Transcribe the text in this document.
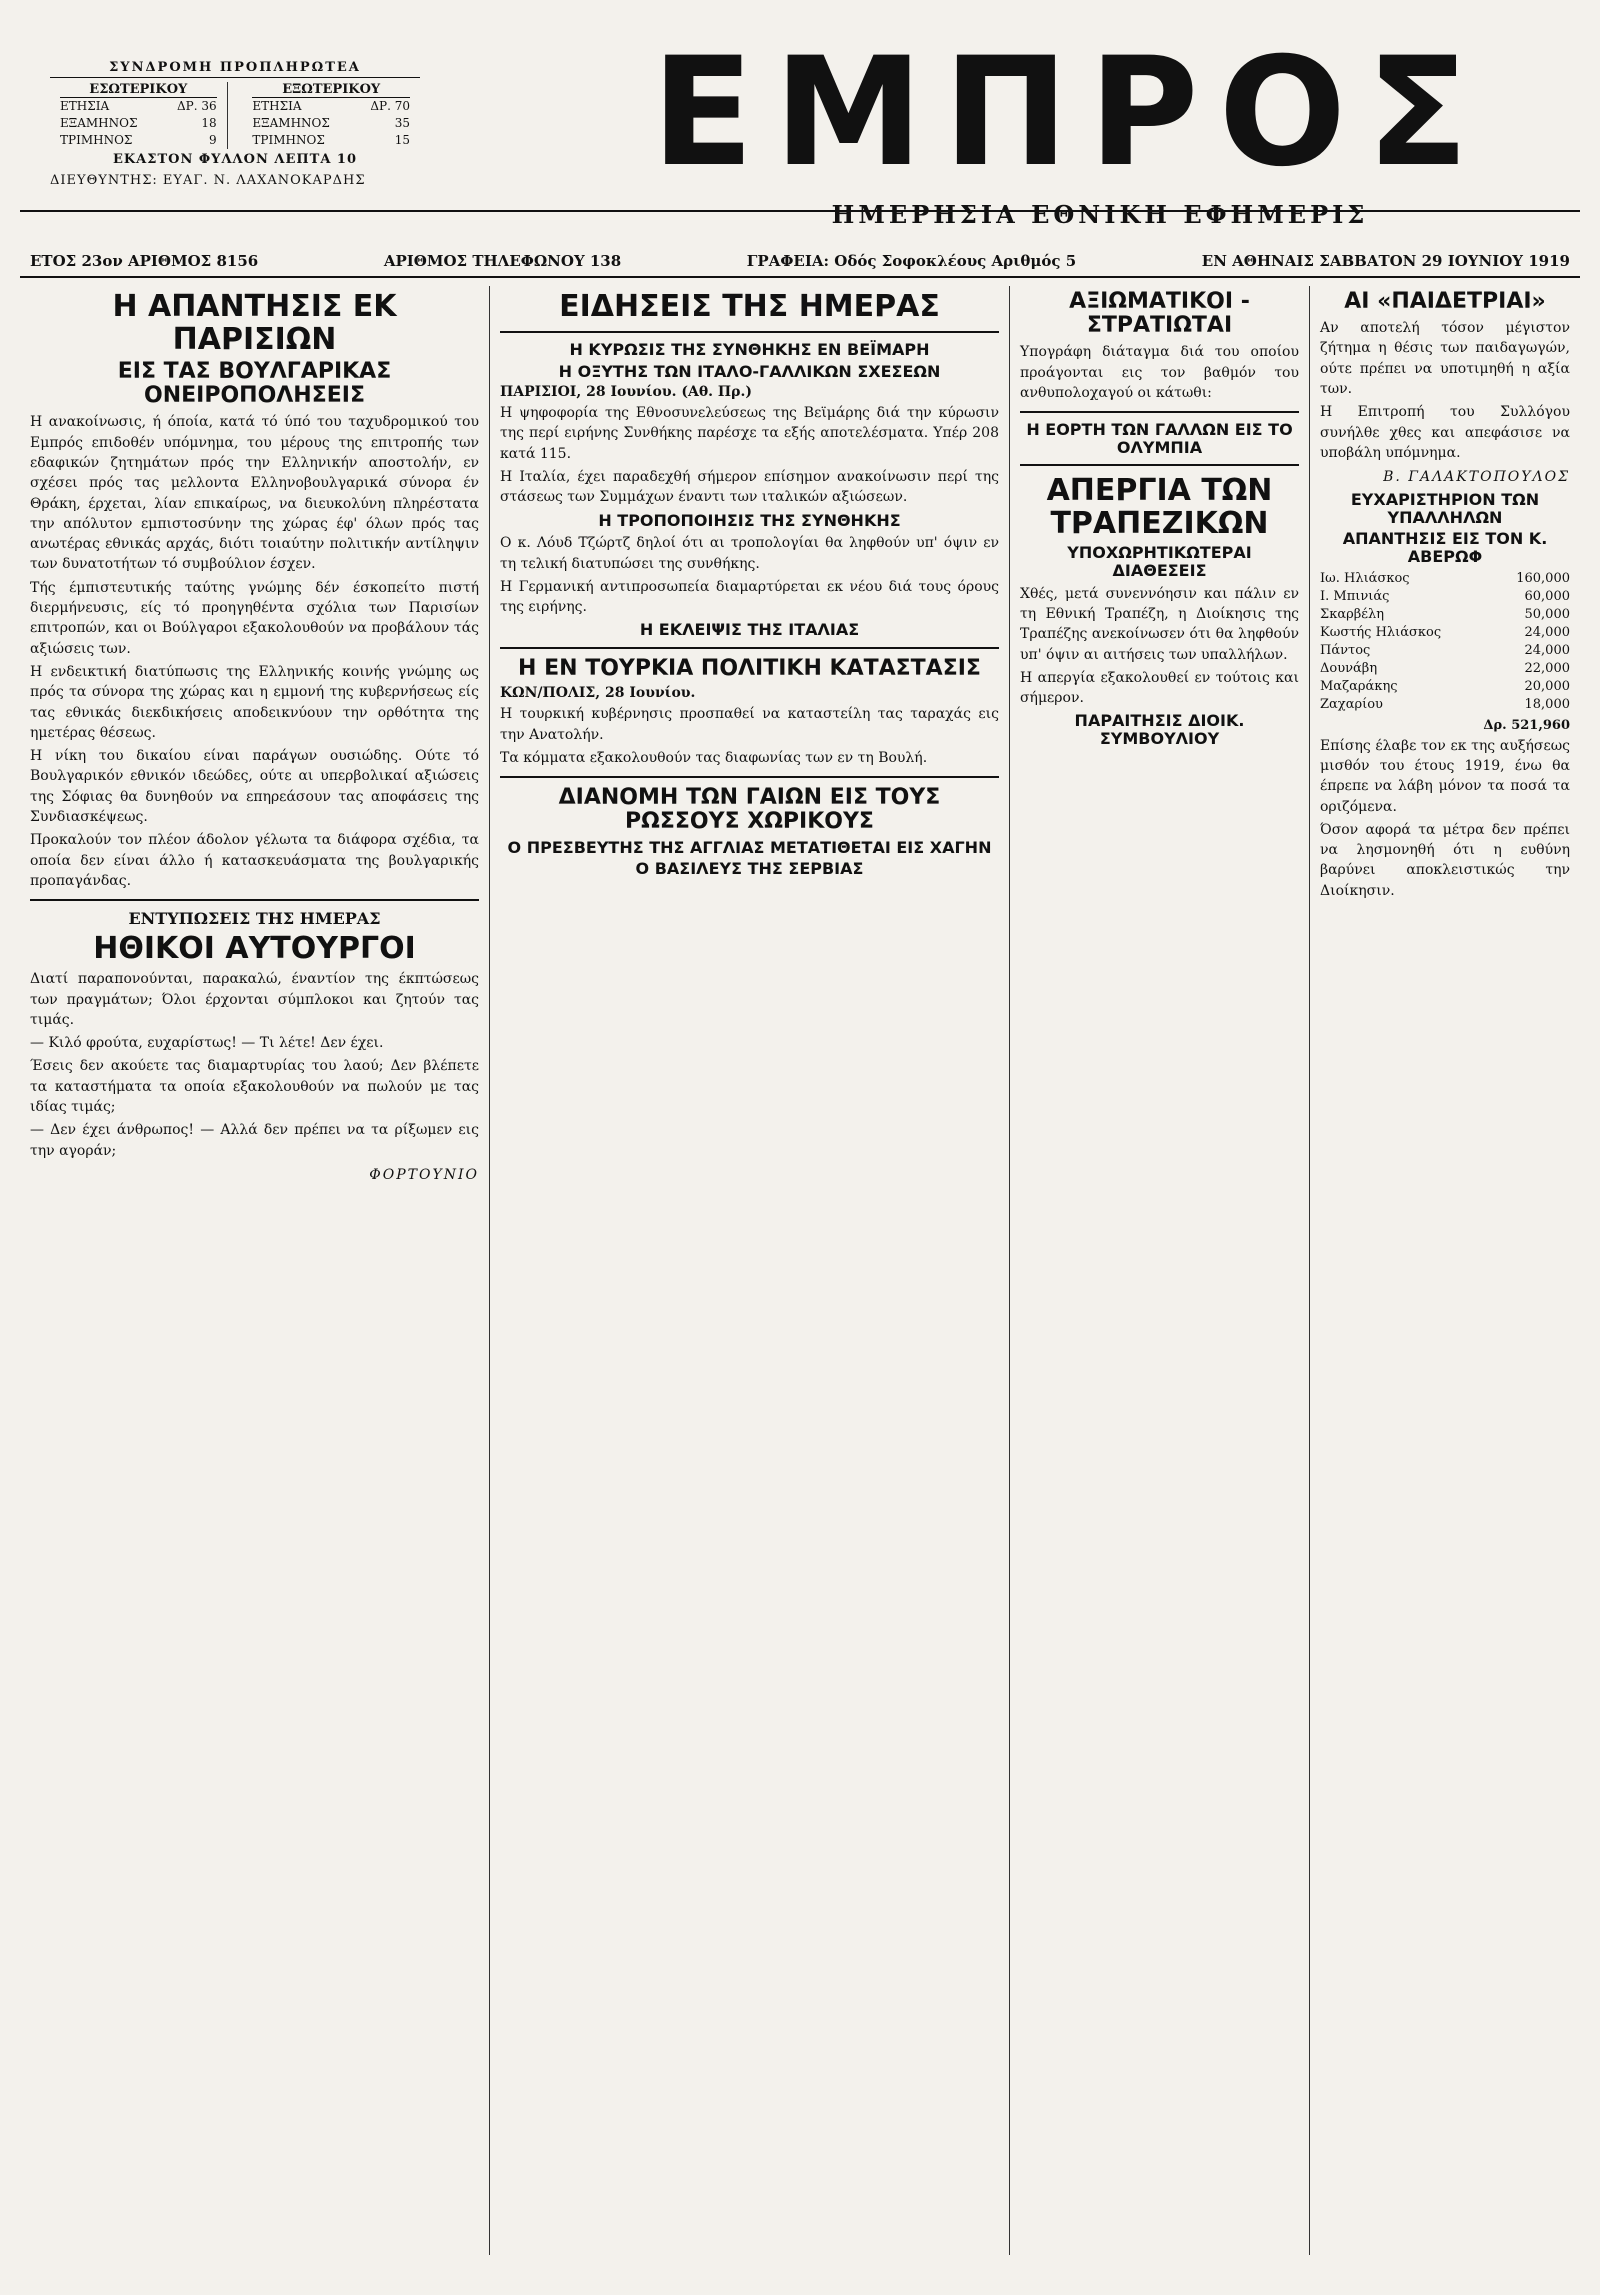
ΣΥΝΔΡΟΜΗ ΠΡΟΠΛΗΡΩΤΕΑ
ΕΣΩΤΕΡΙΚΟΥ
ΕΤΗΣΙΑ	ΔΡ. 36
ΕΞΑΜΗΝΟΣ	18
ΤΡΙΜΗΝΟΣ	9
ΕΞΩΤΕΡΙΚΟΥ
ΕΤΗΣΙΑ	ΔΡ. 70
ΕΞΑΜΗΝΟΣ	35
ΤΡΙΜΗΝΟΣ	15
ΕΚΑΣΤΟΝ ΦΥΛΛΟΝ ΛΕΠΤΑ 10
ΔΙΕΥΘΥΝΤΗΣ: ΕΥΑΓ. Ν. ΛΑΧΑΝΟΚΑΡΔΗΣ	ΕΜΠΡΟΣ
ΗΜΕΡΗΣΙΑ ΕΘΝΙΚΗ ΕΦΗΜΕΡΙΣ
ΕΤΟΣ 23ον ΑΡΙΘΜΟΣ 8156	ΑΡΙΘΜΟΣ ΤΗΛΕΦΩΝΟΥ 138	ΓΡΑΦΕΙΑ: Οδός Σοφοκλέους Αριθμός 5	ΕΝ ΑΘΗΝΑΙΣ ΣΑΒΒΑΤΟΝ 29 ΙΟΥΝΙΟΥ 1919
Η ΑΠΑΝΤΗΣΙΣ ΕΚ ΠΑΡΙΣΙΩΝ
ΕΙΣ ΤΑΣ ΒΟΥΛΓΑΡΙΚΑΣ ΟΝΕΙΡΟΠΟΛΗΣΕΙΣ

Η ανακοίνωσις, ή όποία, κατά τό ύπό του ταχυδρομικού του Εμπρός επιδοθέν υπόμνημα, του μέρους της επιτροπής των εδαφικών ζητημάτων πρός την Ελληνικήν αποστολήν, εν σχέσει πρός τας μελλοντα Ελληνοβουλγαρικά σύνορα έν Θράκη, έρχεται, λίαν επικαίρως, να διευκολύνη πληρέστατα την απόλυτον εμπιστοσύνην της χώρας έφ' όλων πρός τας ανωτέρας εθνικάς αρχάς, διότι τοιαύτην πολιτικήν αντίληψιν των δυνατοτήτων τό συμβούλιον έσχεν.

Τής έμπιστευτικής ταύτης γνώμης δέν έσκοπείτο πιστή διερμήνευσις, είς τό προηγηθέντα σχόλια των Παρισίων επιτροπών, και οι Βούλγαροι εξακολουθούν να προβάλουν τάς αξιώσεις των.

Η ενδεικτική διατύπωσις της Ελληνικής κοινής γνώμης ως πρός τα σύνορα της χώρας και η εμμονή της κυβερνήσεως είς τας εθνικάς διεκδικήσεις αποδεικνύουν την ορθότητα της ημετέρας θέσεως.

Η νίκη του δικαίου είναι παράγων ουσιώδης. Ούτε τό Βουλγαρικόν εθνικόν ιδεώδες, ούτε αι υπερβολικαί αξιώσεις της Σόφιας θα δυνηθούν να επηρεάσουν τας αποφάσεις της Συνδιασκέψεως.

Προκαλούν τον πλέον άδολον γέλωτα τα διάφορα σχέδια, τα οποία δεν είναι άλλο ή κατασκευάσματα της βουλγαρικής προπαγάνδας.

ΕΝΤΥΠΩΣΕΙΣ ΤΗΣ ΗΜΕΡΑΣ
ΗΘΙΚΟΙ ΑΥΤΟΥΡΓΟΙ

Διατί παραπονούνται, παρακαλώ, έναντίον της έκπτώσεως των πραγμάτων; Όλοι έρχονται σύμπλοκοι και ζητούν τας τιμάς.

— Κιλό φρούτα, ευχαρίστως! — Τι λέτε! Δεν έχει.

Έσεις δεν ακούετε τας διαμαρτυρίας του λαού; Δεν βλέπετε τα καταστήματα τα οποία εξακολουθούν να πωλούν με τας ιδίας τιμάς;

— Δεν έχει άνθρωπος! — Αλλά δεν πρέπει να τα ρίξωμεν εις την αγοράν;

ΦΟΡΤΟΥΝΙΟ
ΕΙΔΗΣΕΙΣ ΤΗΣ ΗΜΕΡΑΣ
Η ΚΥΡΩΣΙΣ ΤΗΣ ΣΥΝΘΗΚΗΣ ΕΝ ΒΕΪΜΑΡΗ
Η ΟΞΥΤΗΣ ΤΩΝ ΙΤΑΛΟ-ΓΑΛΛΙΚΩΝ ΣΧΕΣΕΩΝ
ΠΑΡΙΣΙΟΙ, 28 Ιουνίου. (Αθ. Πρ.)

Η ψηφοφορία της Εθνοσυνελεύσεως της Βεϊμάρης διά την κύρωσιν της περί ειρήνης Συνθήκης παρέσχε τα εξής αποτελέσματα. Υπέρ 208 κατά 115.

Η Ιταλία, έχει παραδεχθή σήμερον επίσημον ανακοίνωσιν περί της στάσεως των Συμμάχων έναντι των ιταλικών αξιώσεων.

Η ΤΡΟΠΟΠΟΙΗΣΙΣ ΤΗΣ ΣΥΝΘΗΚΗΣ

Ο κ. Λόυδ Τζώρτζ δηλοί ότι αι τροπολογίαι θα ληφθούν υπ' όψιν εν τη τελική διατυπώσει της συνθήκης.

Η Γερμανική αντιπροσωπεία διαμαρτύρεται εκ νέου διά τους όρους της ειρήνης.

Η ΕΚΛΕΙΨΙΣ ΤΗΣ ΙΤΑΛΙΑΣ
Η ΕΝ ΤΟΥΡΚΙΑ ΠΟΛΙΤΙΚΗ ΚΑΤΑΣΤΑΣΙΣ
ΚΩΝ/ΠΟΛΙΣ, 28 Ιουνίου.

Η τουρκική κυβέρνησις προσπαθεί να καταστείλη τας ταραχάς εις την Ανατολήν.

Τα κόμματα εξακολουθούν τας διαφωνίας των εν τη Βουλή.

ΔΙΑΝΟΜΗ ΤΩΝ ΓΑΙΩΝ ΕΙΣ ΤΟΥΣ ΡΩΣΣΟΥΣ ΧΩΡΙΚΟΥΣ
Ο ΠΡΕΣΒΕΥΤΗΣ ΤΗΣ ΑΓΓΛΙΑΣ ΜΕΤΑΤΙΘΕΤΑΙ ΕΙΣ ΧΑΓΗΝ
Ο ΒΑΣΙΛΕΥΣ ΤΗΣ ΣΕΡΒΙΑΣ
ΑΞΙΩΜΑΤΙΚΟΙ - ΣΤΡΑΤΙΩΤΑΙ

Υπογράφη διάταγμα διά του οποίου προάγονται εις τον βαθμόν του ανθυπολοχαγού οι κάτωθι:

Η ΕΟΡΤΗ ΤΩΝ ΓΑΛΛΩΝ ΕΙΣ ΤΟ ΟΛΥΜΠΙΑ
ΑΠΕΡΓΙΑ ΤΩΝ ΤΡΑΠΕΖΙΚΩΝ
ΥΠΟΧΩΡΗΤΙΚΩΤΕΡΑΙ ΔΙΑΘΕΣΕΙΣ

Χθές, μετά συνεννόησιν και πάλιν εν τη Εθνική Τραπέζη, η Διοίκησις της Τραπέζης ανεκοίνωσεν ότι θα ληφθούν υπ' όψιν αι αιτήσεις των υπαλλήλων.

Η απεργία εξακολουθεί εν τούτοις και σήμερον.

ΠΑΡΑΙΤΗΣΙΣ ΔΙΟΙΚ. ΣΥΜΒΟΥΛΙΟΥ
ΑΙ «ΠΑΙΔΕΤΡΙΑΙ»

Αν αποτελή τόσον μέγιστον ζήτημα η θέσις των παιδαγωγών, ούτε πρέπει να υποτιμηθή η αξία των.

Η Επιτροπή του Συλλόγου συνήλθε χθες και απεφάσισε να υποβάλη υπόμνημα.

Β. ΓΑΛΑΚΤΟΠΟΥΛΟΣ
ΕΥΧΑΡΙΣΤΗΡΙΟΝ ΤΩΝ ΥΠΑΛΛΗΛΩΝ
ΑΠΑΝΤΗΣΙΣ ΕΙΣ ΤΟΝ Κ. ΑΒΕΡΩΦ
Ιω. Ηλιάσκος	160,000
Ι. Μπινιάς	60,000
Σκαρβέλη	50,000
Κωστής Ηλιάσκος	24,000
Πάντος	24,000
Δουνάβη	22,000
Μαζαράκης	20,000
Ζαχαρίου	18,000
Δρ. 521,960

Επίσης έλαβε τον εκ της αυξήσεως μισθόν του έτους 1919, ένω θα έπρεπε να λάβη μόνον τα ποσά τα οριζόμενα.

Όσον αφορά τα μέτρα δεν πρέπει να λησμονηθή ότι η ευθύνη βαρύνει αποκλειστικώς την Διοίκησιν.
